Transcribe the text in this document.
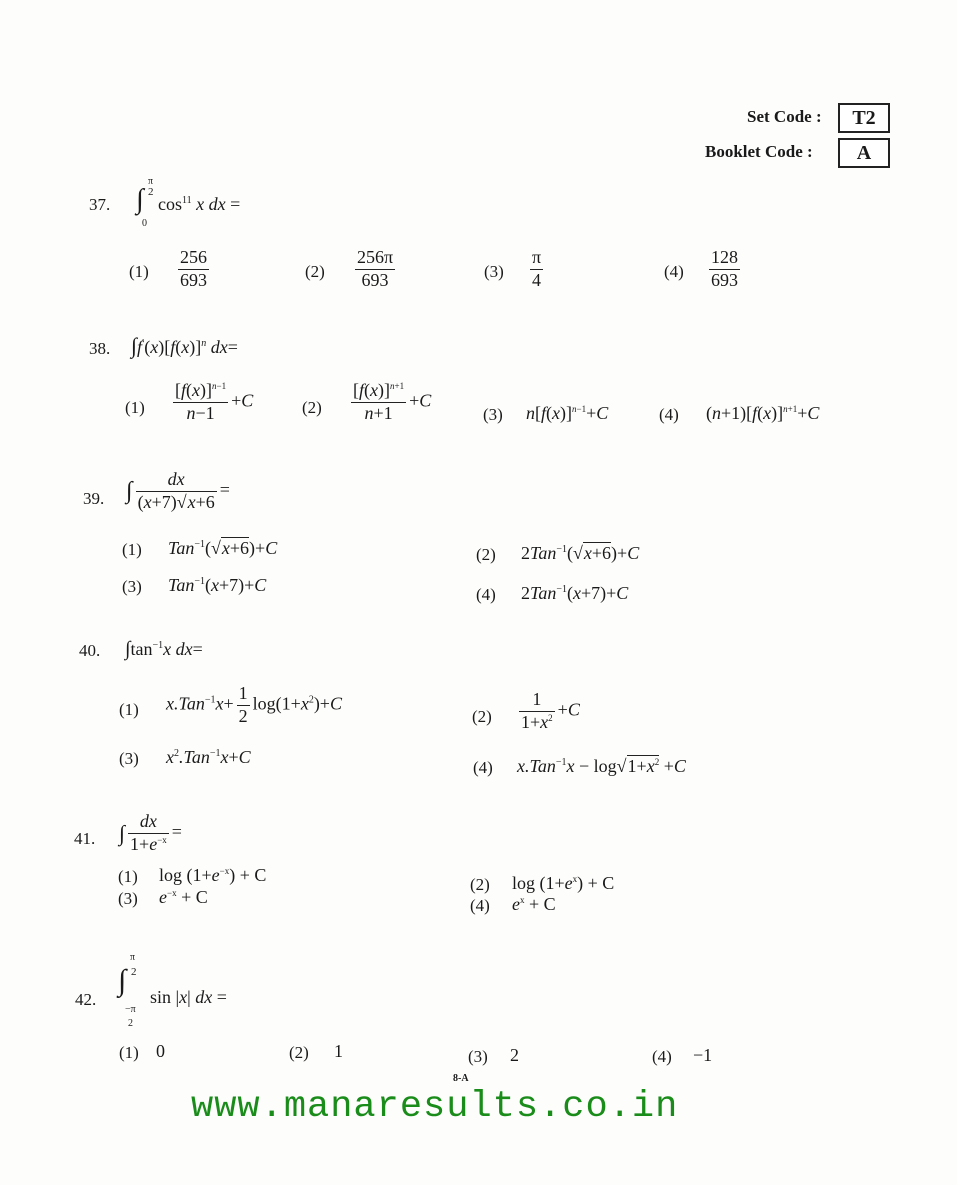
Set Code :	T2
Booklet Code :	A
37.
π
∫ 2
0
$\cos^{11} x$ dx =
$(1) \frac{256}{693}$	$(2) \frac{256\pi}{693}$	$(3) \frac{\pi}{4}$	$(4) \frac{128}{693}$
38. $\int f'(x)[f(x)]^n$ dx=
$(1) \frac{[f(x)]^{n-1}}{n-1} +C$	$(2) \frac{[f(x)]^{n+1}}{n+1} +C$
(3) $n[f(x)]^{n-1}+C$	(4) $(n+1)[f(x)]^{n+1}+C$
39. ∫ $\frac{dx}{(x+7)√x+6}$ =
(1) Tan$^{-1}$(√x+6)+C	(2) 2Tan$^{-1}$(√x+6)+C
(3) Tan$^{-1}$(x+7)+C	(4) 2Tan$^{-1}$(x+7)+C
40. $\int\tan^{-1}x$ dx=
(1) $x.Tan^{-1}x+ \frac{1}{2} \log(1+x^2)+C$
$(2) \frac{1}{1+x^2} +C$
(3) $x^2.Tan^{-1}x+C$
(4) $x.Tan^{-1}x - \log√1+x^2 +C$
41. ∫ $\frac{dx}{1+e^{-x}}$ =
(1) $\log (1+e^{-x}) + C$	(2) $\log (1+e^x) + C$
(3) $e^{-x} + C$	(4) $e^x + C$
42.
π
2
∫
−π
2
sin |x| dx =
(1) 0	(2) 1	(3) 2	(4) −1
8-A
www.manaresults.co.in
